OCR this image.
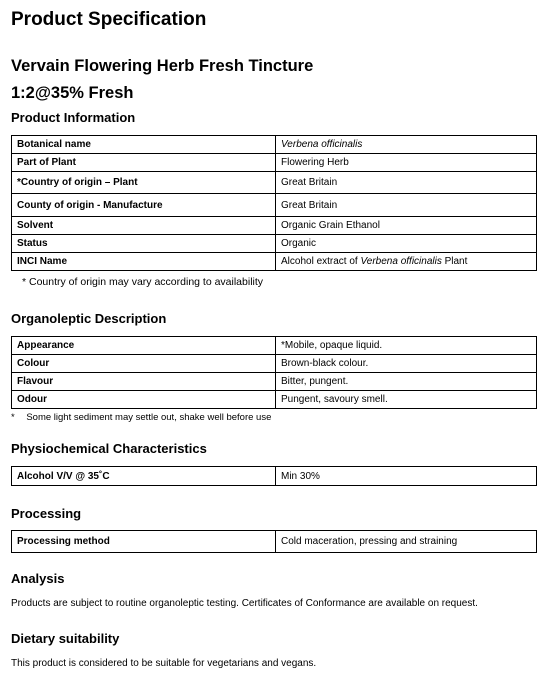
Product Specification
Vervain Flowering Herb Fresh Tincture
1:2@35% Fresh
Product Information
Botanical name	Verbena officinalis
Part of Plant	Flowering Herb
*Country of origin – Plant	Great Britain
County of origin - Manufacture	Great Britain
Solvent	Organic Grain Ethanol
Status	Organic
INCI Name	Alcohol extract of Verbena officinalis Plant
* Country of origin may vary according to availability
Organoleptic Description
Appearance	*Mobile, opaque liquid.
Colour	Brown-black colour.
Flavour	Bitter, pungent.
Odour	Pungent, savoury smell.
* Some light sediment may settle out, shake well before use
Physiochemical Characteristics
Alcohol V/V @ 35˚C	Min 30%
Processing
Processing method	Cold maceration, pressing and straining
Analysis
Products are subject to routine organoleptic testing. Certificates of Conformance are available on request.
Dietary suitability
This product is considered to be suitable for vegetarians and vegans.
